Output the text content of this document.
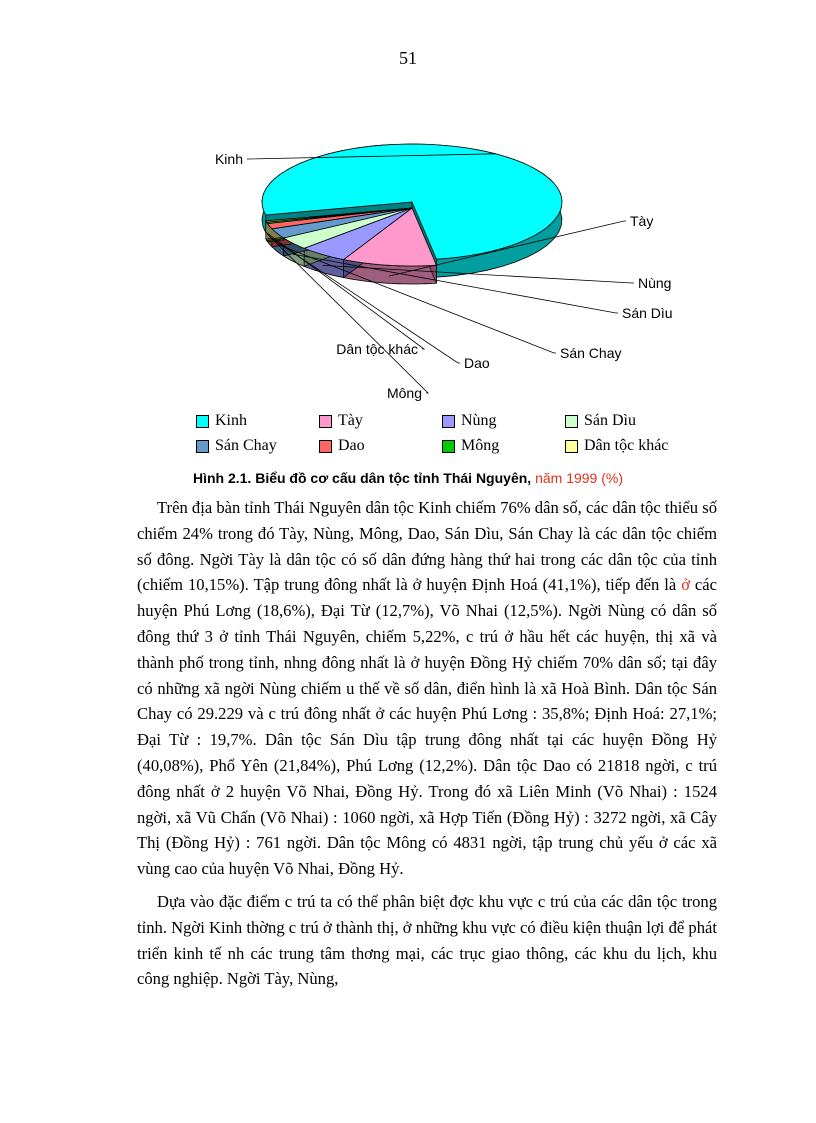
51
Kinh
Tày
Nùng
Sán Dìu
Sán Chay
Dao
Mông
Dân tộc khác
Kinh	Tày	Nùng	Sán Dìu
Sán Chay	Dao	Mông	Dân tộc khác
Hình 2.1. Biểu đồ cơ cấu dân tộc tỉnh Thái Nguyên, năm 1999 (%)

Trên địa bàn tỉnh Thái Nguyên dân tộc Kinh chiếm 76% dân số, các dân tộc thiểu số chiếm 24% trong đó Tày, Nùng, Mông, Dao, Sán Dìu, Sán Chay là các dân tộc chiếm số đông. Ngời Tày là dân tộc có số dân đứng hàng thứ hai trong các dân tộc của tỉnh (chiếm 10,15%). Tập trung đông nhất là ở huyện Định Hoá (41,1%), tiếp đến là ở các huyện Phú Lơng (18,6%), Đại Từ (12,7%), Võ Nhai (12,5%). Ngời Nùng có dân số đông thứ 3 ở tỉnh Thái Nguyên, chiếm 5,22%, c trú ở hầu hết các huyện, thị xã và thành phố trong tỉnh, nhng đông nhất là ở huyện Đồng Hỷ chiếm 70% dân số; tại đây có những xã ngời Nùng chiếm u thế về số dân, điển hình là xã Hoà Bình. Dân tộc Sán Chay có 29.229 và c trú đông nhất ở các huyện Phú Lơng : 35,8%; Định Hoá: 27,1%; Đại Từ : 19,7%. Dân tộc Sán Dìu tập trung đông nhất tại các huyện Đồng Hỷ (40,08%), Phổ Yên (21,84%), Phú Lơng (12,2%). Dân tộc Dao có 21818 ngời, c trú đông nhất ở 2 huyện Võ Nhai, Đồng Hỷ. Trong đó xã Liên Minh (Võ Nhai) : 1524 ngời, xã Vũ Chấn (Võ Nhai) : 1060 ngời, xã Hợp Tiến (Đồng Hỷ) : 3272 ngời, xã Cây Thị (Đồng Hỷ) : 761 ngời. Dân tộc Mông có 4831 ngời, tập trung chủ yếu ở các xã vùng cao của huyện Võ Nhai, Đồng Hỷ.

Dựa vào đặc điểm c trú ta có thể phân biệt đợc khu vực c trú của các dân tộc trong tỉnh. Ngời Kinh thờng c trú ở thành thị, ở những khu vực có điều kiện thuận lợi để phát triển kinh tế nh các trung tâm thơng mại, các trục giao thông, các khu du lịch, khu công nghiệp. Ngời Tày, Nùng,
